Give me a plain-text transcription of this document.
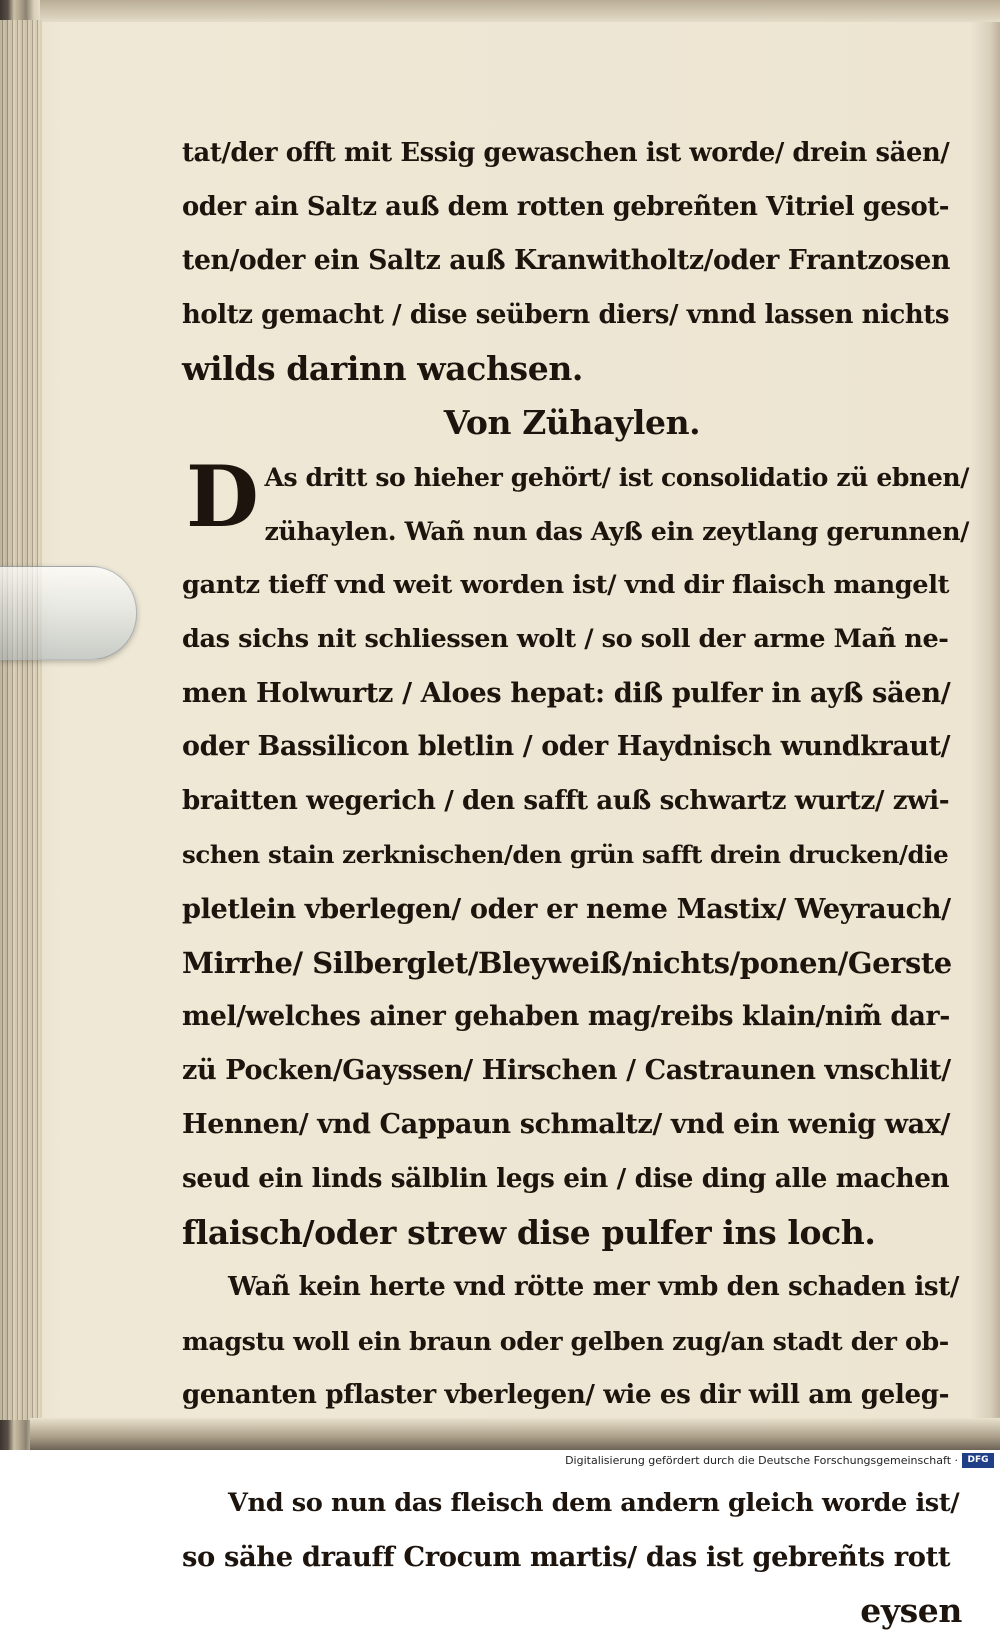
tat/der offt mit Essig gewaschen ist worde/ drein säen/
oder ain Saltz auß dem rotten gebreñten Vitriel gesot-
ten/oder ein Saltz auß Kranwitholtz/oder Frantzosen
holtz gemacht / dise seübern diers/ vnnd lassen nichts
wilds darinn wachsen.
Von Zühaylen.
D As dritt so hieher gehört/ ist consolidatio zü ebnen/
zühaylen. Wañ nun das Ayß ein zeytlang gerunnen/
gantz tieff vnd weit worden ist/ vnd dir flaisch mangelt
das sichs nit schliessen wolt / so soll der arme Mañ ne-
men Holwurtz / Aloes hepat: diß pulfer in ayß säen/
oder Bassilicon bletlin / oder Haydnisch wundkraut/
braitten wegerich / den safft auß schwartz wurtz/ zwi-
schen stain zerknischen/den grün safft drein drucken/die
pletlein vberlegen/ oder er neme Mastix/ Weyrauch/
Mirrhe/ Silberglet/Bleyweiß/nichts/ponen/Gerste
mel/welches ainer gehaben mag/reibs klain/nim̃ dar-
zü Pocken/Gayssen/ Hirschen / Castraunen vnschlit/
Hennen/ vnd Cappaun schmaltz/ vnd ein wenig wax/
seud ein linds sälblin legs ein / dise ding alle machen
flaisch/oder strew dise pulfer ins loch.
Wañ kein herte vnd rötte mer vmb den schaden ist/
magstu woll ein braun oder gelben zug/an stadt der ob-
genanten pflaster vberlegen/ wie es dir will am geleg-
Vnd so nun das fleisch dem andern gleich worde ist/
so sähe drauff Crocum martis/ das ist gebreñts rott
eysen
Digitalisierung gefördert durch die Deutsche Forschungsgemeinschaft ·	DFG
